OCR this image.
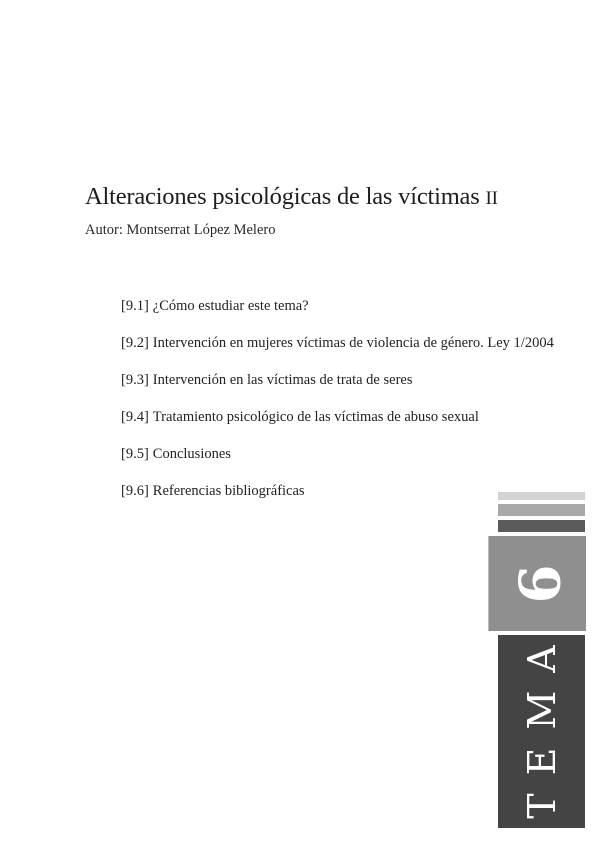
Alteraciones psicológicas de las víctimas II
Autor: Montserrat López Melero
[9.1] ¿Cómo estudiar este tema?
[9.2] Intervención en mujeres víctimas de violencia de género. Ley 1/2004
[9.3] Intervención en las víctimas de trata de seres
[9.4] Tratamiento psicológico de las víctimas de abuso sexual
[9.5] Conclusiones
[9.6] Referencias bibliográficas
9
TEMA
